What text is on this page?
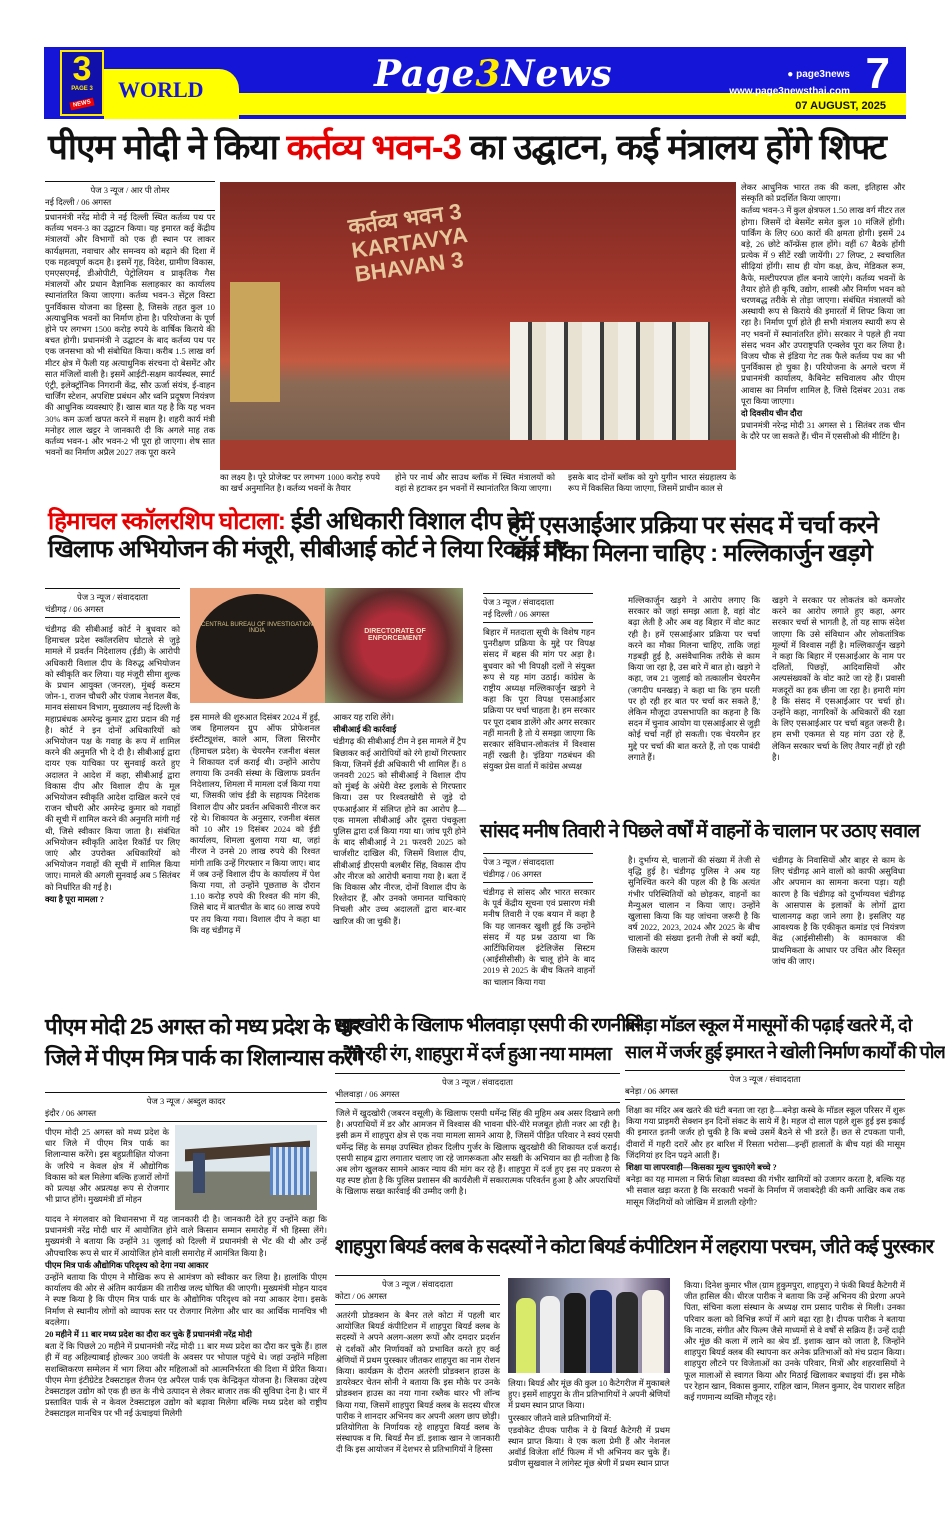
3
PAGE 3
NEWS
WORLD	Page3News	● page3news
www.page3newsthai.com 7
07 AUGUST, 2025
पीएम मोदी ने किया कर्तव्य भवन-3 का उद्घाटन, कई मंत्रालय होंगे शिफ्ट
पेज 3 न्यूज / आर पी तोमर
नई दिल्ली / 06 अगस्त
प्रधानमंत्री नरेंद्र मोदी ने नई दिल्ली स्थित कर्तव्य पथ पर कर्तव्य भवन-3 का उद्घाटन किया। यह इमारत कई केंद्रीय मंत्रालयों और विभागों को एक ही स्थान पर लाकर कार्यक्षमता, नवाचार और समन्वय को बढ़ाने की दिशा में एक महत्वपूर्ण कदम है। इसमें गृह, विदेश, ग्रामीण विकास, एमएसएमई, डीओपीटी, पेट्रोलियम व प्राकृतिक गैस मंत्रालयों और प्रधान वैज्ञानिक सलाहकार का कार्यालय स्थानांतरित किया जाएगा। कर्तव्य भवन-3 सेंट्रल विस्टा पुनर्विकास योजना का हिस्सा है, जिसके तहत कुल 10 अत्याधुनिक भवनों का निर्माण होना है। परियोजना के पूर्ण होने पर लगभग 1500 करोड़ रुपये के वार्षिक किराये की बचत होगी। प्रधानमंत्री ने उद्घाटन के बाद कर्तव्य पथ पर एक जनसभा को भी संबोधित किया। करीब 1.5 लाख वर्ग मीटर क्षेत्र में फैली यह अत्याधुनिक संरचना दो बेसमेंट और सात मंजिलों वाली है। इसमें आईटी-सक्षम कार्यस्थल, स्मार्ट एंट्री, इलेक्ट्रॉनिक निगरानी केंद्र, सौर ऊर्जा संयंत्र, ई-वाहन चार्जिंग स्टेशन, अपशिष्ट प्रबंधन और ध्वनि प्रदूषण नियंत्रण की आधुनिक व्यवस्थाएं हैं। खास बात यह है कि यह भवन 30% कम ऊर्जा खपत करने में सक्षम है। शहरी कार्य मंत्री मनोहर लाल खट्टर ने जानकारी दी कि अगले माह तक कर्तव्य भवन-1 और भवन-2 भी पूरा हो जाएगा। शेष सात भवनों का निर्माण अप्रैल 2027 तक पूरा करने
कर्तव्य भवन 3 KARTAVYA BHAVAN 3
का लक्ष्य है। पूरे प्रोजेक्ट पर लगभग 1000 करोड़ रुपये का खर्च अनुमानित है। कर्तव्य भवनों के तैयार
होने पर नार्थ और साउथ ब्लॉक में स्थित मंत्रालयों को वहां से हटाकर इन भवनों में स्थानांतरित किया जाएगा।
इसके बाद दोनों ब्लॉक को युगे युगीन भारत संग्रहालय के रूप में विकसित किया जाएगा, जिसमें प्राचीन काल से

लेकर आधुनिक भारत तक की कला, इतिहास और संस्कृति को प्रदर्शित किया जाएगा।

कर्तव्य भवन-3 में कुल क्षेत्रफल 1.50 लाख वर्ग मीटर तल होगा। जिसमें दो बेसमेंट समेत कुल 10 मंजिलें होंगी। पार्किंग के लिए 600 कारों की क्षमता होगी। इसमें 24 बड़े, 26 छोटे कॉन्फ्रेंस हाल होंगे। वहीं 67 बैठके होंगी प्रत्येक में 9 सीटें रखी जायेंगी। 27 लिफ्ट, 2 स्वचालित सीढ़ियां होंगी। साथ ही योग कक्ष, क्रेच, मेडिकल रूम, कैफे, मल्टीपरपज हॉल बनाये जाएंगे। कर्तव्य भवनों के तैयार होते ही कृषि, उद्योग, शास्त्री और निर्माण भवन को चरणबद्ध तरीके से तोड़ा जाएगा। संबंधित मंत्रालयों को अस्थायी रूप से किराये की इमारतों में शिफ्ट किया जा रहा है। निर्माण पूर्ण होते ही सभी मंत्रालय स्थायी रूप से नए भवनों में स्थानांतरित होंगे। सरकार ने पहले ही नया संसद भवन और उपराष्ट्रपति एन्क्लेव पूरा कर लिया है। विजय चौक से इंडिया गेट तक फैले कर्तव्य पथ का भी पुनर्विकास हो चुका है। परियोजना के अगले चरण में प्रधानमंत्री कार्यालय, कैबिनेट सचिवालय और पीएम आवास का निर्माण शामिल है, जिसे दिसंबर 2031 तक पूरा किया जाएगा।

दो दिवसीय चीन दौरा

प्रधानमंत्री नरेन्द्र मोदी 31 अगस्त से 1 सितंबर तक चीन के दौरे पर जा सकते हैं। चीन में एससीओ की मीटिंग है।

हिमाचल स्कॉलरशिप घोटाला: ईडी अधिकारी विशाल दीप के
खिलाफ अभियोजन की मंजूरी, सीबीआई कोर्ट ने लिया रिकॉर्ड पर
पेज 3 न्यूज / संवाददाता
चंडीगढ़ / 06 अगस्त

चंडीगढ़ की सीबीआई कोर्ट ने बुधवार को हिमाचल प्रदेश स्कॉलरशिप घोटाले से जुड़े मामले में प्रवर्तन निदेशालय (ईडी) के आरोपी अधिकारी विशाल दीप के विरुद्ध अभियोजन को स्वीकृति कर लिया। यह मंजूरी सीमा शुल्क के प्रधान आयुक्त (जनरल), मुंबई कस्टम जोन-1, राजन चौधरी और पंजाब नेशनल बैंक, मानव संसाधन विभाग, मुख्यालय नई दिल्ली के महाप्रबंधक अमरेन्द्र कुमार द्वारा प्रदान की गई है। कोर्ट ने इन दोनों अधिकारियों को अभियोजन पक्ष के गवाह के रूप में शामिल करने की अनुमति भी दे दी है। सीबीआई द्वारा दायर एक याचिका पर सुनवाई करते हुए अदालत ने आदेश में कहा, सीबीआई द्वारा विकास दीप और विशाल दीप के मूल अभियोजन स्वीकृति आदेश दाखिल करने एवं राजन चौधरी और अमरेन्द्र कुमार को गवाहों की सूची में शामिल करने की अनुमति मांगी गई थी, जिसे स्वीकार किया जाता है। संबंधित अभियोजन स्वीकृति आदेश रिकॉर्ड पर लिए जाएं और उपरोक्त अधिकारियों को अभियोजन गवाहों की सूची में शामिल किया जाए। मामले की अगली सुनवाई अब 5 सितंबर को निर्धारित की गई है।

क्या है पूरा मामला ?

CENTRAL BUREAU OF INVESTIGATION INDIA	DIRECTORATE OF ENFORCEMENT
इस मामले की शुरुआत दिसंबर 2024 में हुई, जब हिमालयन ग्रुप ऑफ प्रोफेशनल इंस्टीट्यूशंस, काले आम, जिला सिरमौर (हिमाचल प्रदेश) के चेयरमैन रजनीश बंसल ने शिकायत दर्ज कराई थी। उन्होंने आरोप लगाया कि उनकी संस्था के खिलाफ प्रवर्तन निदेशालय, शिमला में मामला दर्ज किया गया था, जिसकी जांच ईडी के सहायक निदेशक विशाल दीप और प्रवर्तन अधिकारी नीरज कर रहे थे। शिकायत के अनुसार, रजनीश बंसल को 10 और 19 दिसंबर 2024 को ईडी कार्यालय, शिमला बुलाया गया था, जहां नीरज ने उनसे 20 लाख रुपये की रिश्वत मांगी ताकि उन्हें गिरफ्तार न किया जाए। बाद में जब उन्हें विशाल दीप के कार्यालय में पेश किया गया, तो उन्होंने पूछताछ के दौरान 1.10 करोड़ रुपये की रिश्वत की मांग की, जिसे बाद में बातचीत के बाद 60 लाख रुपये पर तय किया गया। विशाल दीप ने कहा था कि वह चंडीगढ़ में

आकर यह राशि लेंगे।

सीबीआई की कार्रवाई

चंडीगढ़ की सीबीआई टीम ने इस मामले में ट्रैप बिछाकर कई आरोपियों को रंगे हाथों गिरफ्तार किया, जिनमें ईडी अधिकारी भी शामिल हैं। 8 जनवरी 2025 को सीबीआई ने विशाल दीप को मुंबई के अंधेरी वेस्ट इलाके से गिरफ्तार किया। उस पर रिश्वतखोरी से जुड़े दो एफआईआर में संलिप्त होने का आरोप है—एक मामला सीबीआई और दूसरा पंचकूला पुलिस द्वारा दर्ज किया गया था। जांच पूरी होने के बाद सीबीआई ने 21 फरवरी 2025 को चार्जशीट दाखिल की, जिसमें विशाल दीप, सीबीआई डीएसपी बलबीर सिंह, विकास दीप और नीरज को आरोपी बनाया गया है। बता दें कि विकास और नीरज, दोनों विशाल दीप के रिश्तेदार हैं, और उनको जमानत याचिकाएं निचली और उच्च अदालतों द्वारा बार-बार खारिज की जा चुकी हैं।

हमें एसआईआर प्रक्रिया पर संसद में चर्चा करने
का मौका मिलना चाहिए : मल्लिकार्जुन खड़गे
पेज 3 न्यूज / संवाददाता
नई दिल्ली / 06 अगस्त
बिहार में मतदाता सूची के विशेष गहन पुनरीक्षण प्रक्रिया के मुद्दे पर विपक्ष संसद में बहस की मांग पर अड़ा है। बुधवार को भी विपक्षी दलों ने संयुक्त रूप से यह मांग उठाई। कांग्रेस के राष्ट्रीय अध्यक्ष मल्लिकार्जुन खड़गे ने कहा कि पूरा विपक्ष एसआईआर प्रक्रिया पर चर्चा चाहता है। हम सरकार पर पूरा दबाव डालेंगे और अगर सरकार नहीं मानती है तो ये समझा जाएगा कि सरकार संविधान-लोकतंत्र में विश्वास नहीं रखती है। 'इंडिया' गठबंधन की संयुक्त प्रेस वार्ता में कांग्रेस अध्यक्ष
मल्लिकार्जुन खड़गे ने आरोप लगाए कि सरकार को जहां समझ आता है, वहां वोट बढ़ा लेती है और अब वह बिहार में वोट काट रही है। हमें एसआईआर प्रक्रिया पर चर्चा करने का मौका मिलना चाहिए, ताकि जहां गड़बड़ी हुई है, असंवैधानिक तरीके से काम किया जा रहा है, उस बारे में बात हो। खड़गे ने कहा, जब 21 जुलाई को तत्कालीन चेयरमैन (जगदीप धनखड़) ने कहा था कि 'हम धरती पर हो रही हर बात पर चर्चा कर सकते हैं,' लेकिन मौजूदा उपसभापति का कहना है कि सदन में चुनाव आयोग या एसआईआर से जुड़ी कोई चर्चा नहीं हो सकती। एक चेयरमैन हर मुद्दे पर चर्चा की बात करते हैं, तो एक पाबंदी लगाते हैं।
खड़गे ने सरकार पर लोकतंत्र को कमजोर करने का आरोप लगाते हुए कहा, अगर सरकार चर्चा से भागती है, तो यह साफ संदेश जाएगा कि उसे संविधान और लोकतांत्रिक मूल्यों में विश्वास नहीं है। मल्लिकार्जुन खड़गे ने कहा कि बिहार में एसआईआर के नाम पर दलितों, पिछड़ों, आदिवासियों और अल्पसंख्यकों के वोट काटे जा रहे हैं। प्रवासी मजदूरों का हक छीना जा रहा है। हमारी मांग है कि संसद में एसआईआर पर चर्चा हो। उन्होंने कहा, नागरिकों के अधिकारों की रक्षा के लिए एसआईआर पर चर्चा बहुत जरूरी है। हम सभी एकमत से यह मांग उठा रहे हैं, लेकिन सरकार चर्चा के लिए तैयार नहीं हो रही है।
सांसद मनीष तिवारी ने पिछले वर्षों में वाहनों के चालान पर उठाए सवाल
पेज 3 न्यूज / संवाददाता
चंडीगढ़ / 06 अगस्त
चंडीगढ़ से सांसद और भारत सरकार के पूर्व केंद्रीय सूचना एवं प्रसारण मंत्री मनीष तिवारी ने एक बयान में कहा है कि यह जानकर खुशी हुई कि उन्होंने संसद में यह प्रश्न उठाया था कि आर्टिफिशियल इंटेलिजेंस सिस्टम (आईसीसीसी) के चालू होने के बाद 2019 से 2025 के बीच कितने वाहनों का चालान किया गया
है। दुर्भाग्य से, चालानों की संख्या में तेजी से वृद्धि हुई है। चंडीगढ़ पुलिस ने अब यह सुनिश्चित करने की पहल की है कि अत्यंत गंभीर परिस्थितियों को छोड़कर, वाहनों का मैन्युअल चालान न किया जाए। उन्होंने खुलासा किया कि यह जांचना जरूरी है कि वर्ष 2022, 2023, 2024 और 2025 के बीच चालानों की संख्या इतनी तेजी से क्यों बढ़ी, जिसके कारण
चंडीगढ़ के निवासियों और बाहर से काम के लिए चंडीगढ़ आने वालों को काफी असुविधा और अपमान का सामना करना पड़ा। यही कारण है कि चंडीगढ़ को दुर्भाग्यवश चंडीगढ़ के आसपास के इलाकों के लोगों द्वारा चालानगढ़ कहा जाने लगा है। इसलिए यह आवश्यक है कि एकीकृत कमांड एवं नियंत्रण केंद्र (आईसीसीसी) के कामकाज की प्राथमिकता के आधार पर उचित और विस्तृत जांच की जाए।
पीएम मोदी 25 अगस्त को मध्य प्रदेश के धार
जिले में पीएम मित्र पार्क का शिलान्यास करेंगे
पेज 3 न्यूज / अब्दुल कादर
इंदौर / 06 अगस्त
पीएम मोदी 25 अगस्त को मध्य प्रदेश के धार जिले में पीएम मित्र पार्क का शिलान्यास करेंगे। इस बहुप्रतीक्षित योजना के जरिये न केवल क्षेत्र में औद्योगिक विकास को बल मिलेगा बल्कि हजारों लोगों को प्रत्यक्ष और अप्रत्यक्ष रूप से रोजगार भी प्राप्त होंगे। मुख्यमंत्री डॉ मोहन

यादव ने मंगलवार को विधानसभा में यह जानकारी दी है। जानकारी देते हुए उन्होंने कहा कि प्रधानमंत्री नरेंद्र मोदी धार में आयोजित होने वाले किसान सम्मान समारोह में भी हिस्सा लेंगे। मुख्यमंत्री ने बताया कि उन्होंने 31 जुलाई को दिल्ली में प्रधानमंत्री से भेंट की थी और उन्हें औपचारिक रूप से धार में आयोजित होने वाली समारोह में आमंत्रित किया है।

पीएम मित्र पार्क औद्योगिक परिदृश्य को देगा नया आकार

उन्होंने बताया कि पीएम ने मौखिक रूप से आमंत्रण को स्वीकार कर लिया है। हालांकि पीएम कार्यालय की ओर से अंतिम कार्यक्रम की तारीख जल्द घोषित की जाएगी। मुख्यमंत्री मोहन यादव ने स्पष्ट किया है कि पीएम मित्र पार्क धार के औद्योगिक परिदृश्य को नया आकार देगा। इसके निर्माण से स्थानीय लोगों को व्यापक स्तर पर रोजगार मिलेगा और धार का आर्थिक मानचित्र भी बदलेगा।

20 महीने में 11 बार मध्य प्रदेश का दौरा कर चुके हैं प्रधानमंत्री नरेंद्र मोदी

बता दें कि पिछले 20 महीने में प्रधानमंत्री नरेंद्र मोदी 11 बार मध्य प्रदेश का दौरा कर चुके हैं। हाल ही में वह अहिल्याबाई होल्कर 300 जयंती के अवसर पर भोपाल पहुंचे थे। जहां उन्होंने महिला सशक्तिकरण सम्मेलन में भाग लिया और महिलाओं को आत्मनिर्भरता की दिशा में प्रेरित किया। पीएम मेगा इंटीग्रेटेड टैक्सटाइल रीजन एंड अपैरल पार्क एक केन्द्रिकृत योजना है। जिसका उद्देश्य टेक्सटाइल उद्योग को एक ही छत के नीचे उत्पादन से लेकर बाजार तक की सुविधा देना है। धार में प्रस्तावित पार्क से न केवल टेक्सटाइल उद्योग को बढ़ावा मिलेगा बल्कि मध्य प्रदेश को राष्ट्रीय टेक्सटाइल मानचित्र पर भी नई ऊंचाइयां मिलेगी

खुदखोरी के खिलाफ भीलवाड़ा एसपी की रणनीति
ला रही रंग, शाहपुरा में दर्ज हुआ नया मामला
पेज 3 न्यूज / संवाददाता
भीलवाड़ा / 06 अगस्त
जिले में खुदखोरी (जबरन वसूली) के खिलाफ एसपी धर्मेन्द्र सिंह की मुहिम अब असर दिखाने लगी है। अपराधियों में डर और आमजन में विश्वास की भावना धीरे-धीरे मजबूत होती नजर आ रही है। इसी क्रम में शाहपुरा क्षेत्र से एक नया मामला सामने आया है, जिसमें पीड़ित परिवार ने स्वयं एसपी धर्मेन्द्र सिंह के समक्ष उपस्थित होकर दिलीप गुर्जर के खिलाफ खुदखोरी की शिकायत दर्ज कराई। एसपी साहब द्वारा लगातार चलाए जा रहे जागरूकता और सख्ती के अभियान का ही नतीजा है कि अब लोग खुलकर सामने आकर न्याय की मांग कर रहे हैं। शाहपुरा में दर्ज हुए इस नए प्रकरण से यह स्पष्ट होता है कि पुलिस प्रशासन की कार्यशैली में सकारात्मक परिवर्तन हुआ है और अपराधियों के खिलाफ सख्त कार्रवाई की उम्मीद जगी है।
बनेड़ा मॉडल स्कूल में मासूमों की पढ़ाई खतरे में, दो
साल में जर्जर हुई इमारत ने खोली निर्माण कार्यों की पोल
पेज 3 न्यूज / संवाददाता
बनेड़ा / 06 अगस्त

शिक्षा का मंदिर अब खतरे की घंटी बनता जा रहा है—बनेड़ा कस्बे के मॉडल स्कूल परिसर में शुरू किया गया प्राइमरी सेक्शन इन दिनों संकट के साये में है। महज दो साल पहले शुरू हुई इस इकाई की इमारत इतनी जर्जर हो चुकी है कि बच्चे उसमें बैठने से भी डरते हैं। छत से टपकता पानी, दीवारों में गहरी दरारें और हर बारिश में रिसता भरोसा—इन्हीं हालातों के बीच यहां की मासूम जिंदगियां हर दिन पढ़ने आती हैं।

शिक्षा या लापरवाही—किसका मूल्य चुकाएंगे बच्चे ?

बनेड़ा का यह मामला न सिर्फ शिक्षा व्यवस्था की गंभीर खामियों को उजागर करता है, बल्कि यह भी सवाल खड़ा करता है कि सरकारी भवनों के निर्माण में जवाबदेही की कमी आखिर कब तक मासूम जिंदगियों को जोखिम में डालती रहेगी?

शाहपुरा बियर्ड क्लब के सदस्यों ने कोटा बियर्ड कंपीटिशन में लहराया परचम, जीते कई पुरस्कार
पेज 3 न्यूज / संवाददाता
कोटा / 06 अगस्त
अतरंगी प्रोडक्शन के बैनर तले कोटा में पहली बार आयोजित बियर्ड कंपीटिशन में शाहपुरा बियर्ड क्लब के सदस्यों ने अपने अलग-अलग रूपों और दमदार प्रदर्शन से दर्शकों और निर्णायकों को प्रभावित करते हुए कई श्रेणियों में प्रथम पुरस्कार जीतकर शाहपुरा का नाम रोशन किया। कार्यक्रम के दौरान अतरंगी प्रोडक्शन हाउस के डायरेक्टर चेतन सोनी ने बताया कि इस मौके पर उनके प्रोडक्शन हाउस का नया गाना रब्लैक थार२ भी लॉन्च किया गया, जिसमें शाहपुरा बियर्ड क्लब के सदस्य धीरज पारीक ने शानदार अभिनय कर अपनी अलग छाप छोड़ी। प्रतियोगिता के निर्णायक रहे शाहपुरा बियर्ड क्लब के संस्थापक व मि. बियर्ड मैन डॉ. इशाक खान ने जानकारी दी कि इस आयोजन में देशभर से प्रतिभागियों ने हिस्सा

लिया। बियर्ड और मूंछ की कुल 10 कैटेगरीज में मुकाबले हुए। इसमें शाहपुरा के तीन प्रतिभागियों ने अपनी श्रेणियों में प्रथम स्थान प्राप्त किया।

पुरस्कार जीतने वाले प्रतिभागियों में:

एडवोकेट दीपक पारीक ने ग्रे बियर्ड कैटेगरी में प्रथम स्थान प्राप्त किया। वे एक कला प्रेमी हैं और नेशनल अवॉर्ड विजेता शॉर्ट फिल्म में भी अभिनय कर चुके हैं। प्रवीण सुखवाल ने लांगेस्ट मूंछ श्रेणी में प्रथम स्थान प्राप्त

किया। दिनेश कुमार भील (ग्राम हुकुमपुरा, शाहपुरा) ने फंकी बियर्ड कैटेगरी में जीत हासिल की। धीरज पारीक ने बताया कि उन्हें अभिनय की प्रेरणा अपने पिता, संचिना कला संस्थान के अध्यक्ष राम प्रसाद पारीक से मिली। उनका परिवार कला को विभिन्न रूपों में आगे बढ़ा रहा है। दीपक पारीक ने बताया कि नाटक, संगीत और फिल्म जैसे माध्यमों से वे वर्षों से सक्रिय हैं। उन्हें दाढ़ी और मूंछ की कला में लाने का श्रेय डॉ. इशाक खान को जाता है, जिन्होंने शाहपुरा बियर्ड क्लब की स्थापना कर अनेक प्रतिभाओं को मंच प्रदान किया। शाहपुरा लौटने पर विजेताओं का उनके परिवार, मित्रों और शहरवासियों ने फूल मालाओं से स्वागत किया और मिठाई खिलाकर बधाइयां दीं। इस मौके पर रेहान खान, विकास कुमार, राहिल खान, मिलन कुमार, देव पाराशर सहित कई गणमान्य व्यक्ति मौजूद रहे।
